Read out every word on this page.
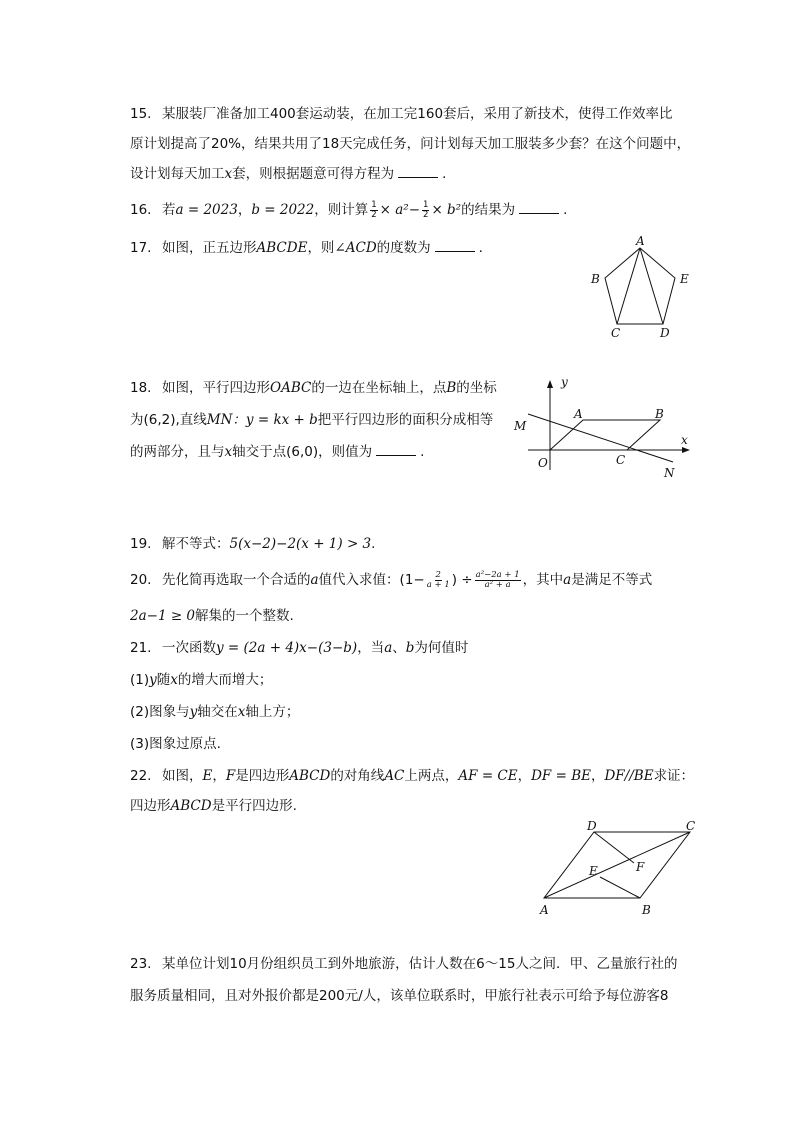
15. 某服装厂准备加工400套运动装，在加工完160套后，采用了新技术，使得工作效率比
原计划提高了20%，结果共用了18天完成任务，问计划每天加工服装多少套？在这个问题中，
设计划每天加工x套，则根据题意可得方程为	.
16. 若a = 2023，b = 2022，则计算 $\frac{1}{2} \times a^2- \frac{1}{2} \times b^2$的结果为	.
17. 如图，正五边形ABCDE，则∠ACD的度数为	.	A
B	E
C	D
18. 如图，平行四边形OABC的一边在坐标轴上，点B的坐标
为(6,2),直线MN：y = kx + b把平行四边形的面积分成相等
的两部分，且与x轴交于点(6,0)，则值为	.
y
A	B
M
x
O	C
N
19. 解不等式：5(x−2)−2(x + 1) > 3.
20. 先化简再选取一个合适的a值代入求值：($1- \frac{2}{a + 1}$ ) ÷ $\frac{\text{a²−2a + 1}}{\text{a² + a}}$ ，其中a是满足不等式
2a−1 ≥ 0解集的一个整数.
21. 一次函数y = (2a + 4)x−(3−b)，当a、b为何值时
(1)y随x的增大而增大；
(2)图象与y轴交在x轴上方；
(3)图象过原点.
22. 如图，E，F是四边形ABCD的对角线AC上两点，AF = CE，DF = BE，DF//BE求证：
四边形ABCD是平行四边形.
D	C
E	F
A	B
23. 某单位计划10月份组织员工到外地旅游，估计人数在6～15人之间．甲、乙量旅行社的
服务质量相同，且对外报价都是200元/人，该单位联系时，甲旅行社表示可给予每位游客8
